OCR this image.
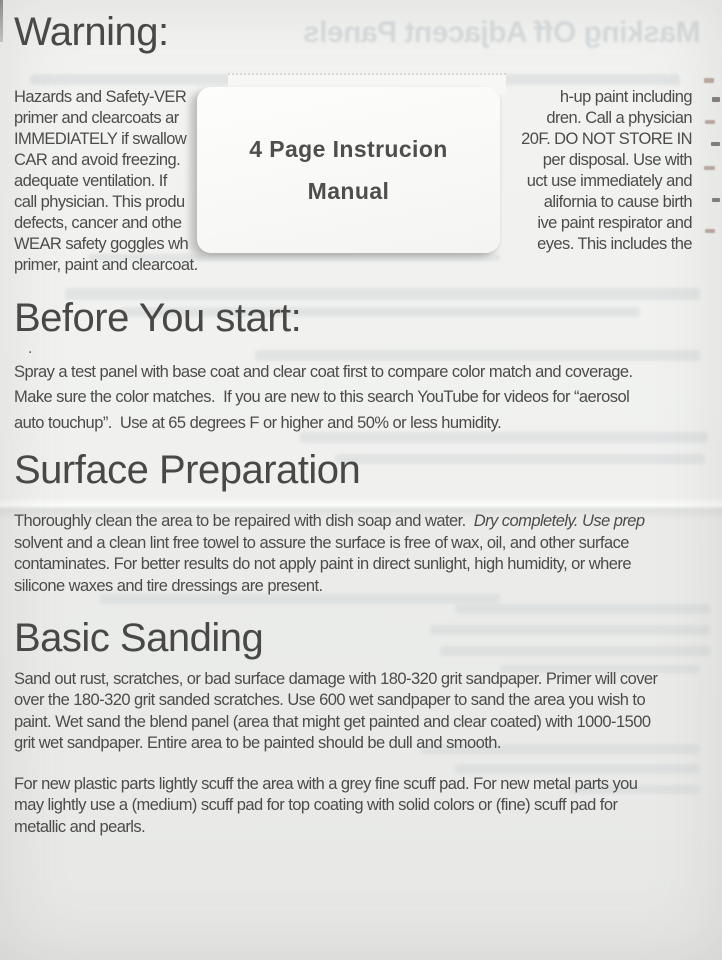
Masking Off Adjacent Panels
Warning:
Hazards and Safety-VER	h-up paint including
primer and clearcoats ar	dren. Call a physician
IMMEDIATELY if swallow	20F. DO NOT STORE IN
CAR and avoid freezing.	per disposal. Use with
adequate ventilation. If	uct use immediately and
call physician. This produ	alifornia to cause birth
defects, cancer and othe	ive paint respirator and
WEAR safety goggles wh	eyes. This includes the
primer, paint and clearcoat.
4 Page Instrucion
Manual
Before You start:
.
Spray a test panel with base coat and clear coat first to compare color match and coverage.
Make sure the color matches.  If you are new to this search YouTube for videos for “aerosol
auto touchup”.  Use at 65 degrees F or higher and 50% or less humidity.
Surface Preparation
Thoroughly clean the area to be repaired with dish soap and water.  Dry completely. Use prep
solvent and a clean lint free towel to assure the surface is free of wax, oil, and other surface
contaminates. For better results do not apply paint in direct sunlight, high humidity, or where
silicone waxes and tire dressings are present.
Basic Sanding
Sand out rust, scratches, or bad surface damage with 180-320 grit sandpaper. Primer will cover
over the 180-320 grit sanded scratches. Use 600 wet sandpaper to sand the area you wish to
paint. Wet sand the blend panel (area that might get painted and clear coated) with 1000-1500
grit wet sandpaper. Entire area to be painted should be dull and smooth.
For new plastic parts lightly scuff the area with a grey fine scuff pad. For new metal parts you
may lightly use a (medium) scuff pad for top coating with solid colors or (fine) scuff pad for
metallic and pearls.
